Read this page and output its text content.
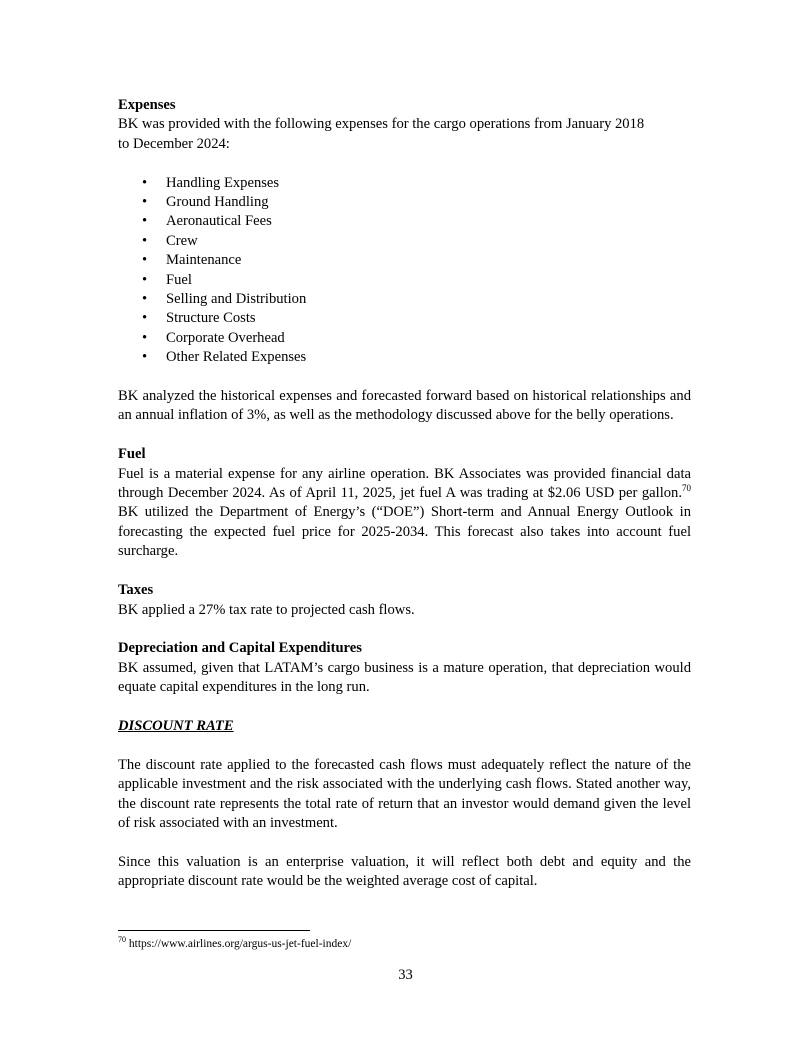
Expenses

BK was provided with the following expenses for the cargo operations from January 2018

to December 2024:

• Handling Expenses
• Ground Handling
• Aeronautical Fees
• Crew
• Maintenance
• Fuel
• Selling and Distribution
• Structure Costs
• Corporate Overhead
• Other Related Expenses

BK analyzed the historical expenses and forecasted forward based on historical relationships and an annual inflation of 3%, as well as the methodology discussed above for the belly operations.

Fuel

Fuel is a material expense for any airline operation. BK Associates was provided financial data through December 2024. As of April 11, 2025, jet fuel A was trading at $2.06 USD per gallon.$^{70}$ BK utilized the Department of Energy’s (“DOE”) Short-term and Annual Energy Outlook in forecasting the expected fuel price for 2025-2034. This forecast also takes into account fuel surcharge.

Taxes

BK applied a 27% tax rate to projected cash flows.

Depreciation and Capital Expenditures

BK assumed, given that LATAM’s cargo business is a mature operation, that depreciation would equate capital expenditures in the long run.

DISCOUNT RATE

The discount rate applied to the forecasted cash flows must adequately reflect the nature of the applicable investment and the risk associated with the underlying cash flows. Stated another way, the discount rate represents the total rate of return that an investor would demand given the level of risk associated with an investment.

Since this valuation is an enterprise valuation, it will reflect both debt and equity and the appropriate discount rate would be the weighted average cost of capital.

$^{70}$ https://www.airlines.org/argus-us-jet-fuel-index/
33
